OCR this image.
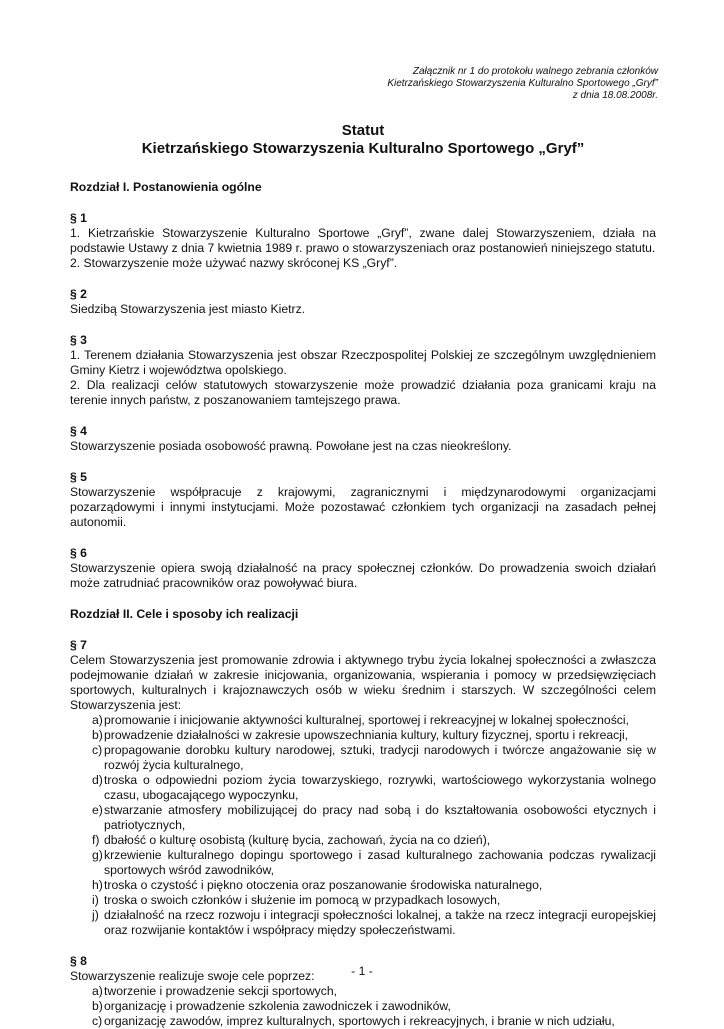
Załącznik nr 1 do protokołu walnego zebrania członków
Kietrzańskiego Stowarzyszenia Kulturalno Sportowego „Gryf”
z dnia 18.08.2008r.
Statut
Kietrzańskiego Stowarzyszenia Kulturalno Sportowego „Gryf”
Rozdział I. Postanowienia ogólne
§ 1

1. Kietrzańskie Stowarzyszenie Kulturalno Sportowe „Gryf”, zwane dalej Stowarzyszeniem, działa na podstawie Ustawy z dnia 7 kwietnia 1989 r. prawo o stowarzyszeniach oraz postanowień niniejszego statutu.

2. Stowarzyszenie może używać nazwy skróconej KS „Gryf”.

§ 2

Siedzibą Stowarzyszenia jest miasto Kietrz.

§ 3

1. Terenem działania Stowarzyszenia jest obszar Rzeczpospolitej Polskiej ze szczególnym uwzględnieniem Gminy Kietrz i województwa opolskiego.

2. Dla realizacji celów statutowych stowarzyszenie może prowadzić działania poza granicami kraju na terenie innych państw, z poszanowaniem tamtejszego prawa.

§ 4

Stowarzyszenie posiada osobowość prawną. Powołane jest na czas nieokreślony.

§ 5

Stowarzyszenie współpracuje z krajowymi, zagranicznymi i międzynarodowymi organizacjami pozarządowymi i innymi instytucjami. Może pozostawać członkiem tych organizacji na zasadach pełnej autonomii.

§ 6

Stowarzyszenie opiera swoją działalność na pracy społecznej członków. Do prowadzenia swoich działań może zatrudniać pracowników oraz powoływać biura.

Rozdział II. Cele i sposoby ich realizacji
§ 7

Celem Stowarzyszenia jest promowanie zdrowia i aktywnego trybu życia lokalnej społeczności a zwłaszcza podejmowanie działań w zakresie inicjowania, organizowania, wspierania i pomocy w przedsięwzięciach sportowych, kulturalnych i krajoznawczych osób w wieku średnim i starszych. W szczególności celem Stowarzyszenia jest:

a) promowanie i inicjowanie aktywności kulturalnej, sportowej i rekreacyjnej w lokalnej społeczności,
b) prowadzenie działalności w zakresie upowszechniania kultury, kultury fizycznej, sportu i rekreacji,
c) propagowanie dorobku kultury narodowej, sztuki, tradycji narodowych i twórcze angażowanie się w rozwój życia kulturalnego,
d) troska o odpowiedni poziom życia towarzyskiego, rozrywki, wartościowego wykorzystania wolnego czasu, ubogacającego wypoczynku,
e) stwarzanie atmosfery mobilizującej do pracy nad sobą i do kształtowania osobowości etycznych i patriotycznych,
f) dbałość o kulturę osobistą (kulturę bycia, zachowań, życia na co dzień),
g) krzewienie kulturalnego dopingu sportowego i zasad kulturalnego zachowania podczas rywalizacji sportowych wśród zawodników,
h) troska o czystość i piękno otoczenia oraz poszanowanie środowiska naturalnego,
i) troska o swoich członków i służenie im pomocą w przypadkach losowych,
j) działalność na rzecz rozwoju i integracji społeczności lokalnej, a także na rzecz integracji europejskiej oraz rozwijanie kontaktów i współpracy między społeczeństwami.
§ 8

Stowarzyszenie realizuje swoje cele poprzez:

a) tworzenie i prowadzenie sekcji sportowych,
b) organizację i prowadzenie szkolenia zawodniczek i zawodników,
c) organizację zawodów, imprez kulturalnych, sportowych i rekreacyjnych, i branie w nich udziału,
- 1 -
